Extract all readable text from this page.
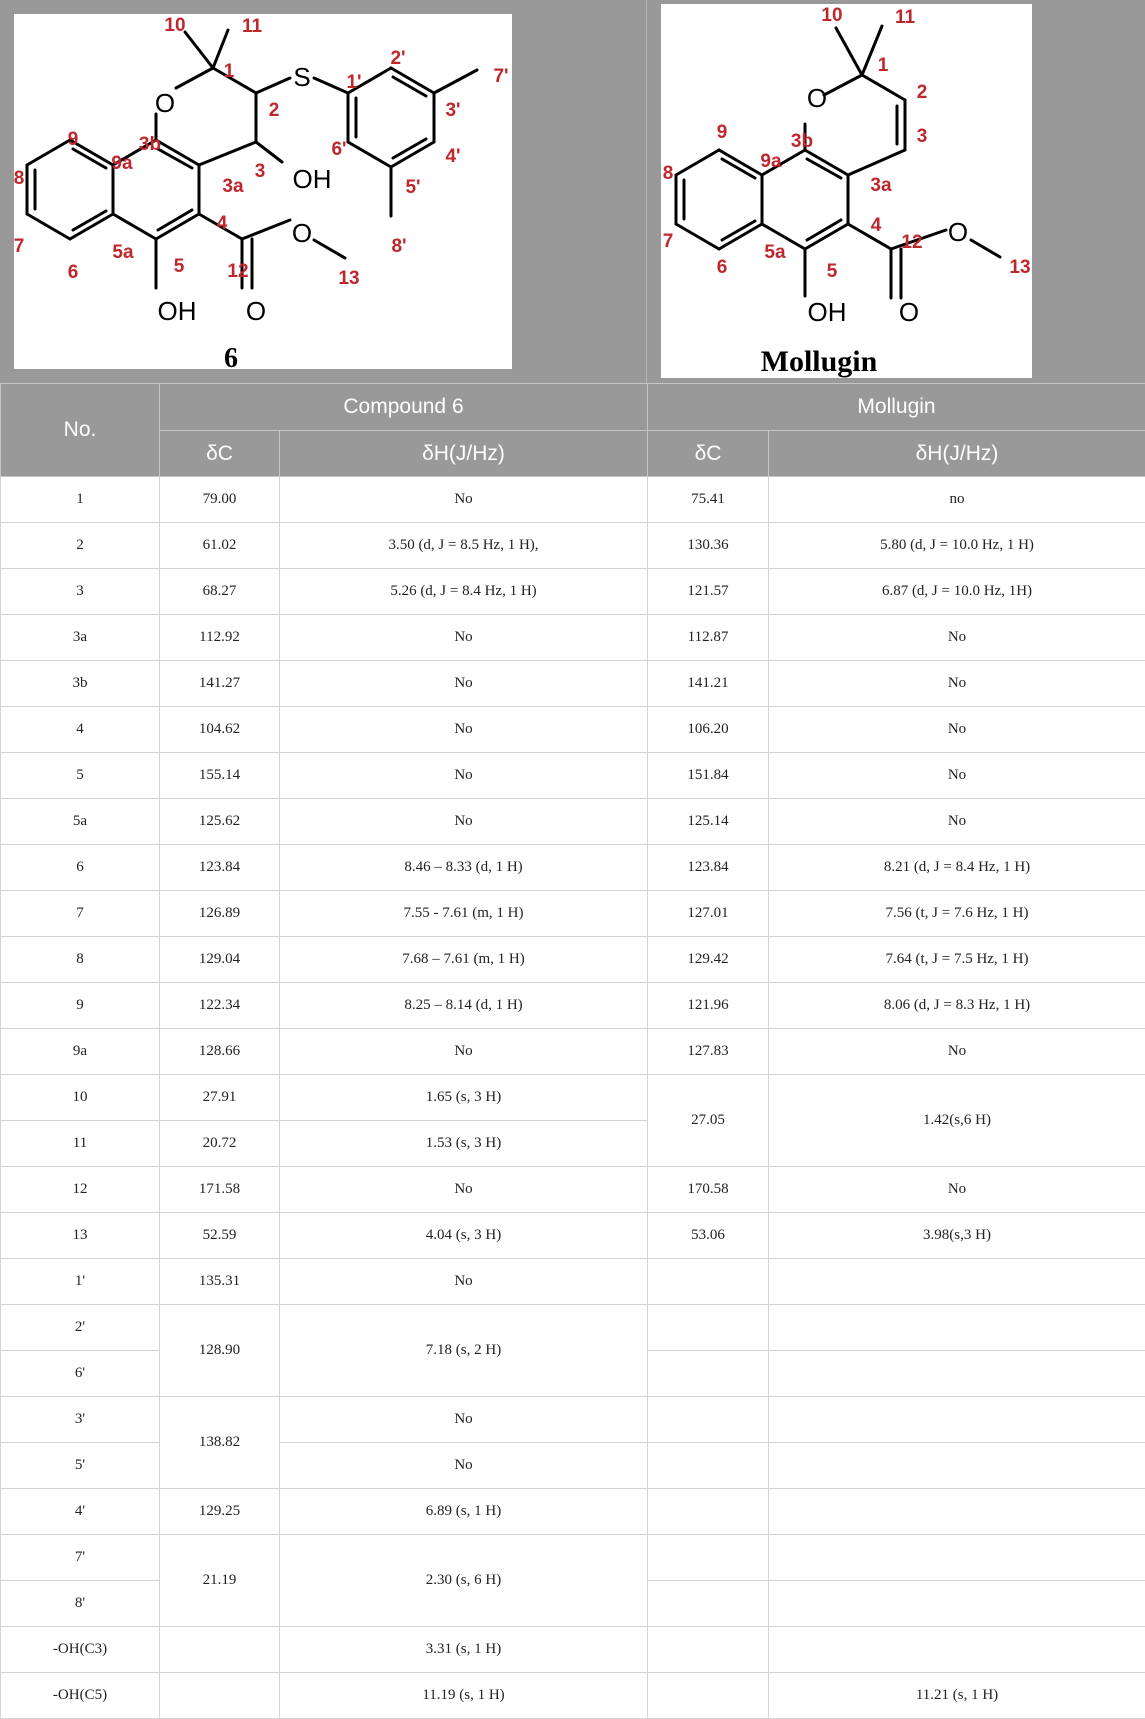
O
S
OH
O
OH O
10	11
1
2
3
3a
3b
4
5
5a
6
7
8
9
9a
12	13
1'
2'
3'
4'
5'
6'
7'
8'
6
O
O
OH O
10	11
1
2
3
3a
3b
4
5
5a
6
7
8
9
9a
12
13
Mollugin
No.	Compound 6		Mollugin	
	δC	δH(J/Hz)	δC	δH(J/Hz)
1	79.00	No	75.41	no
2	61.02	3.50 (d, J = 8.5 Hz, 1 H),	130.36	5.80 (d, J = 10.0 Hz, 1 H)
3	68.27	5.26 (d, J = 8.4 Hz, 1 H)	121.57	6.87 (d, J = 10.0 Hz, 1H)
3a	112.92	No	112.87	No
3b	141.27	No	141.21	No
4	104.62	No	106.20	No
5	155.14	No	151.84	No
5a	125.62	No	125.14	No
6	123.84	8.46 – 8.33 (d, 1 H)	123.84	8.21 (d, J = 8.4 Hz, 1 H)
7	126.89	7.55 - 7.61 (m, 1 H)	127.01	7.56 (t, J = 7.6 Hz, 1 H)
8	129.04	7.68 – 7.61 (m, 1 H)	129.42	7.64 (t, J = 7.5 Hz, 1 H)
9	122.34	8.25 – 8.14 (d, 1 H)	121.96	8.06 (d, J = 8.3 Hz, 1 H)
9a	128.66	No	127.83	No
10	27.91	1.65 (s, 3 H)	27.05	1.42(s,6 H)
11	20.72	1.53 (s, 3 H)		
12	171.58	No	170.58	No
13	52.59	4.04 (s, 3 H)	53.06	3.98(s,3 H)
1'	135.31	No		
2'	128.90	7.18 (s, 2 H)		
6'				
3'	138.82	No		
5'		No		
4'	129.25	6.89 (s, 1 H)		
7'	21.19	2.30 (s, 6 H)		
8'				
-OH(C3)		3.31 (s, 1 H)		
-OH(C5)		11.19 (s, 1 H)		11.21 (s, 1 H)
